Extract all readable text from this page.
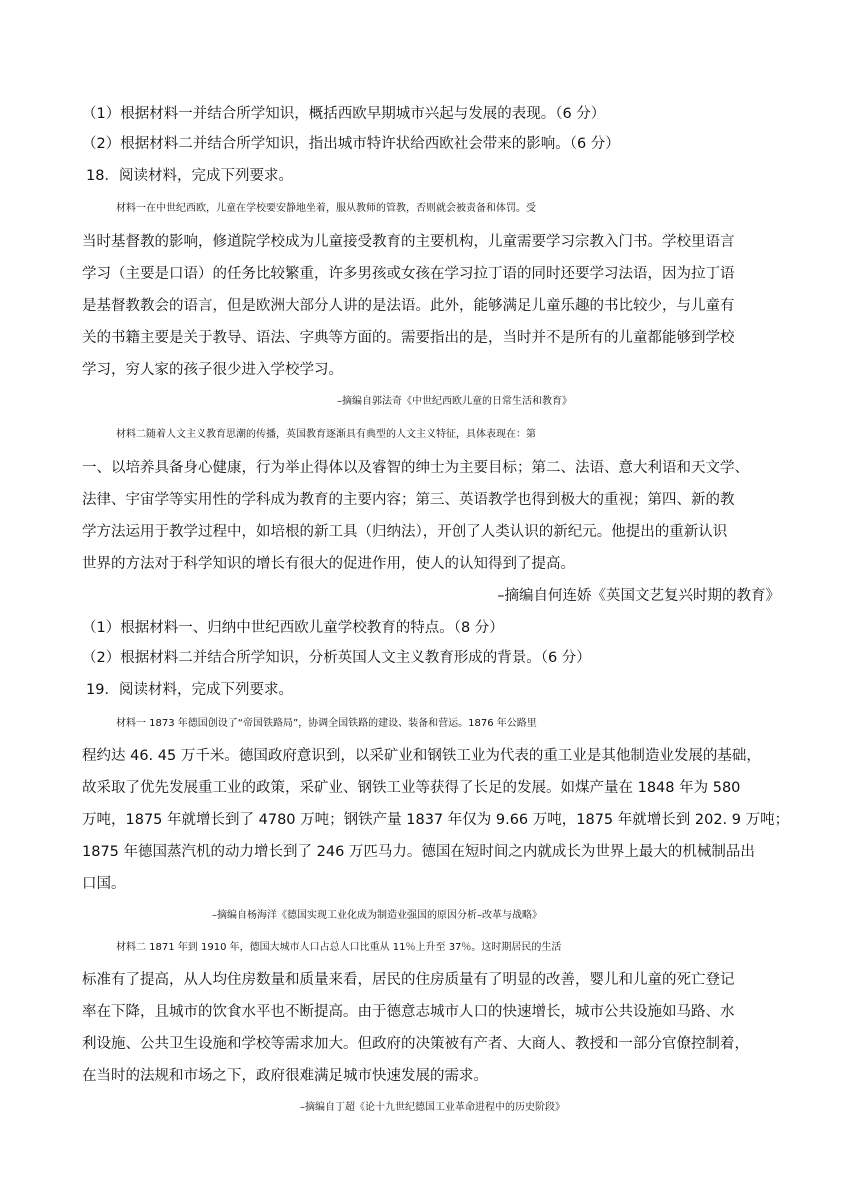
（1）根据材料一并结合所学知识，概括西欧早期城市兴起与发展的表现。（6 分）
（2）根据材料二并结合所学知识，指出城市特许状给西欧社会带来的影响。（6 分）
18．阅读材料，完成下列要求。
材料一在中世纪西欧，儿童在学校要安静地坐着，服从教师的管教，否则就会被责备和体罚。受
当时基督教的影响，修道院学校成为儿童接受教育的主要机构，儿童需要学习宗教入门书。学校里语言
学习（主要是口语）的任务比较繁重，许多男孩或女孩在学习拉丁语的同时还要学习法语，因为拉丁语
是基督教教会的语言，但是欧洲大部分人讲的是法语。此外，能够满足儿童乐趣的书比较少，与儿童有
关的书籍主要是关于教导、语法、字典等方面的。需要指出的是，当时并不是所有的儿童都能够到学校
学习，穷人家的孩子很少进入学校学习。
–摘编自郭法奇《中世纪西欧儿童的日常生活和教育》
材料二随着人文主义教育思潮的传播，英国教育逐渐具有典型的人文主义特征，具体表现在：第
一、以培养具备身心健康，行为举止得体以及睿智的绅士为主要目标；第二、法语、意大利语和天文学、
法律、宇宙学等实用性的学科成为教育的主要内容；第三、英语教学也得到极大的重视；第四、新的教
学方法运用于教学过程中，如培根的新工具（归纳法），开创了人类认识的新纪元。他提出的重新认识
世界的方法对于科学知识的增长有很大的促进作用，使人的认知得到了提高。
–摘编自何连娇《英国文艺复兴时期的教育》
（1）根据材料一、归纳中世纪西欧儿童学校教育的特点。（8 分）
（2）根据材料二并结合所学知识，分析英国人文主义教育形成的背景。（6 分）
19．阅读材料，完成下列要求。
材料一 1873 年德国创设了“帝国铁路局”，协调全国铁路的建设、装备和营运。1876 年公路里
程约达 46. 45 万千米。德国政府意识到，以采矿业和钢铁工业为代表的重工业是其他制造业发展的基础，
故采取了优先发展重工业的政策，采矿业、钢铁工业等获得了长足的发展。如煤产量在 1848 年为 580
万吨，1875 年就增长到了 4780 万吨；钢铁产量 1837 年仅为 9.66 万吨，1875 年就增长到 202. 9 万吨；
1875 年德国蒸汽机的动力增长到了 246 万匹马力。德国在短时间之内就成长为世界上最大的机械制品出
口国。
–摘编自杨海洋《德国实现工业化成为制造业强国的原因分析–改革与战略》
材料二 1871 年到 1910 年，德国大城市人口占总人口比重从 11％上升至 37％。这时期居民的生活
标准有了提高，从人均住房数量和质量来看，居民的住房质量有了明显的改善，婴儿和儿童的死亡登记
率在下降，且城市的饮食水平也不断提高。由于德意志城市人口的快速增长，城市公共设施如马路、水
利设施、公共卫生设施和学校等需求加大。但政府的决策被有产者、大商人、教授和一部分官僚控制着，
在当时的法规和市场之下，政府很难满足城市快速发展的需求。
–摘编自丁超《论十九世纪德国工业革命进程中的历史阶段》
